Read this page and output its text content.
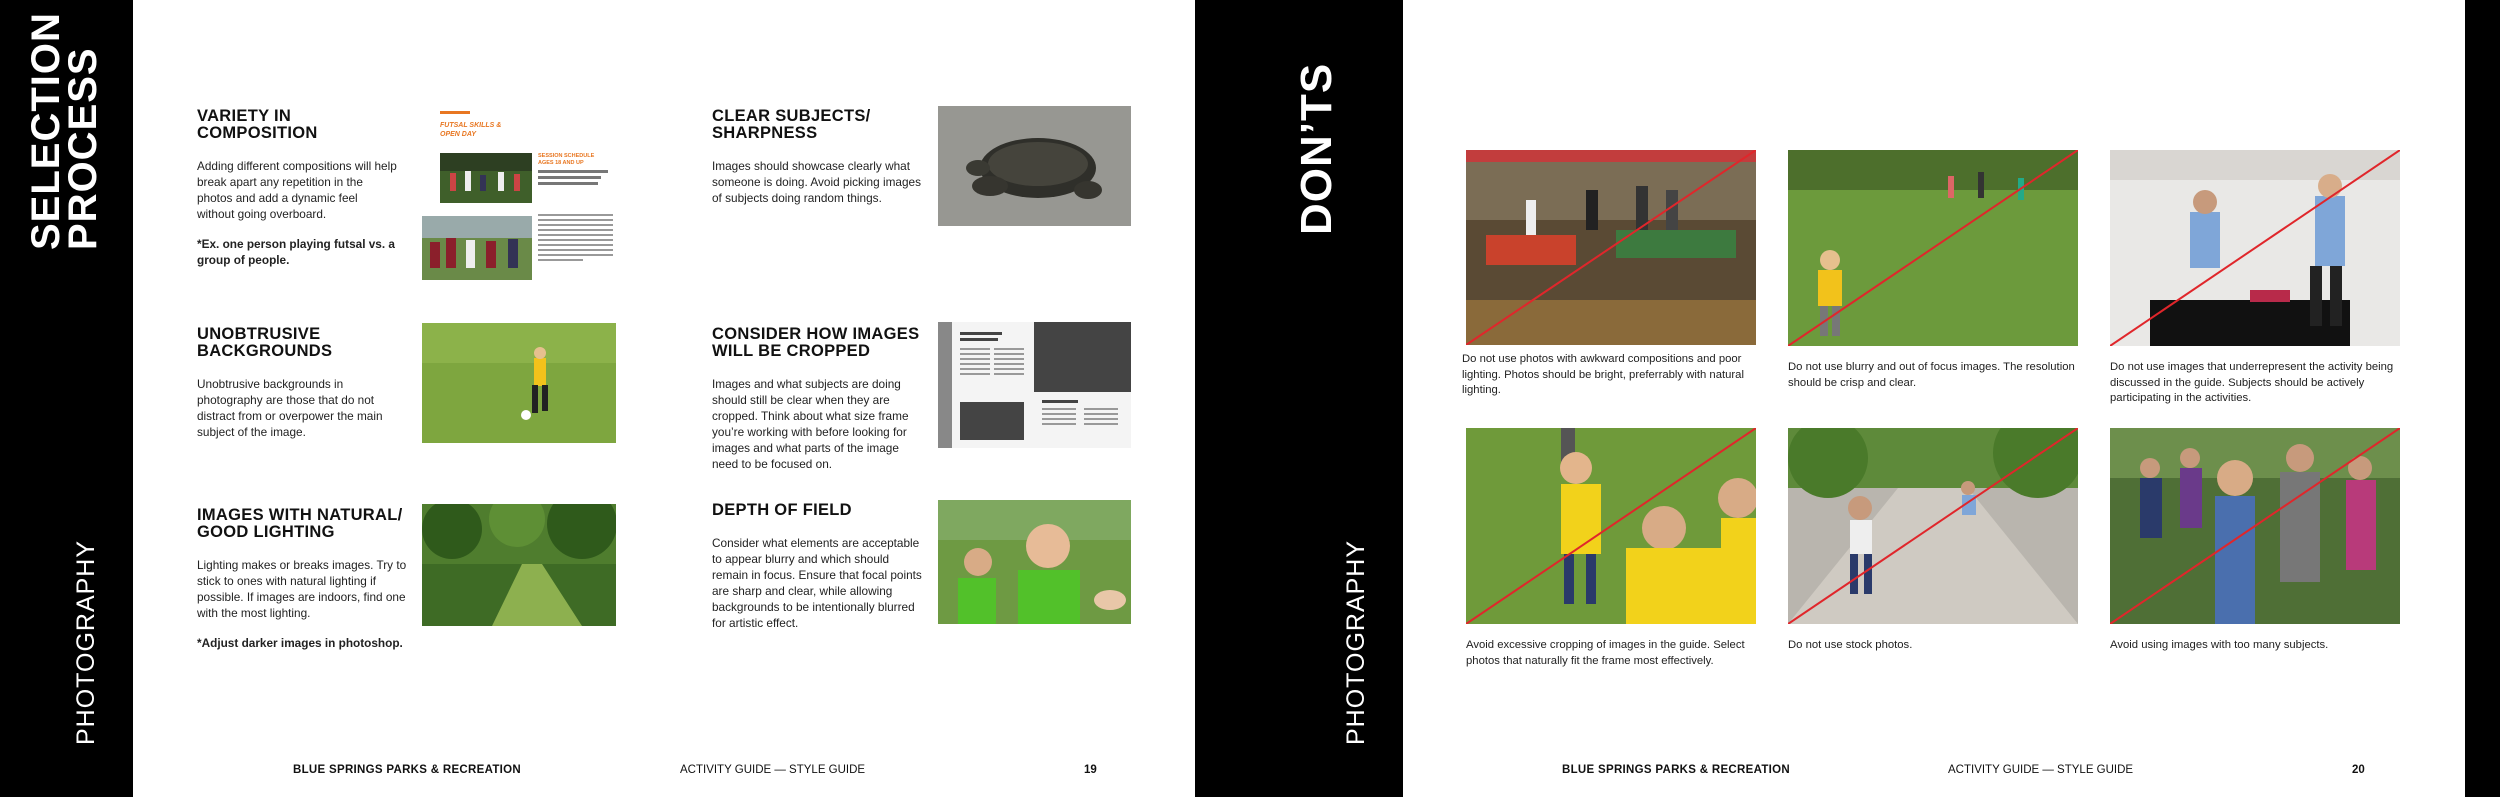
SELECTION
PROCESS
PHOTOGRAPHY
VARIETY IN
COMPOSITION

Adding different compositions will help break apart any repetition in the photos and add a dynamic feel without going overboard.

*Ex. one person playing futsal vs. a group of people.

FUTSAL SKILLS &
OPEN DAY
SESSION SCHEDULE
AGES 18 AND UP
CLEAR SUBJECTS/
SHARPNESS

Images should showcase clearly what someone is doing. Avoid picking images of subjects doing random things.

UNOBTRUSIVE
BACKGROUNDS

Unobtrusive backgrounds in photography are those that do not distract from or overpower the main subject of the image.

CONSIDER HOW IMAGES
WILL BE CROPPED

Images and what subjects are doing should still be clear when they are cropped. Think about what size frame you’re working with before looking for images and what parts of the image need to be focused on.

IMAGES WITH NATURAL/
GOOD LIGHTING

Lighting makes or breaks images. Try to stick to ones with natural lighting if possible. If images are indoors, find one with the most lighting.

*Adjust darker images in photoshop.

DEPTH OF FIELD

Consider what elements are acceptable to appear blurry and which should remain in focus. Ensure that focal points are sharp and clear, while allowing backgrounds to be intentionally blurred for artistic effect.

BLUE SPRINGS PARKS & RECREATION	ACTIVITY GUIDE — STYLE GUIDE	19
DON’TS
PHOTOGRAPHY
Do not use photos with awkward compositions and poor lighting. Photos should be bright, preferrably with natural lighting.
Do not use blurry and out of focus images. The resolution should be crisp and clear.
Do not use images that underrepresent the activity being discussed in the guide. Subjects should be actively participating in the activities.
Avoid excessive cropping of images in the guide. Select photos that naturally fit the frame most effectively.
Do not use stock photos.	Avoid using images with too many subjects.
BLUE SPRINGS PARKS & RECREATION	ACTIVITY GUIDE — STYLE GUIDE	20
